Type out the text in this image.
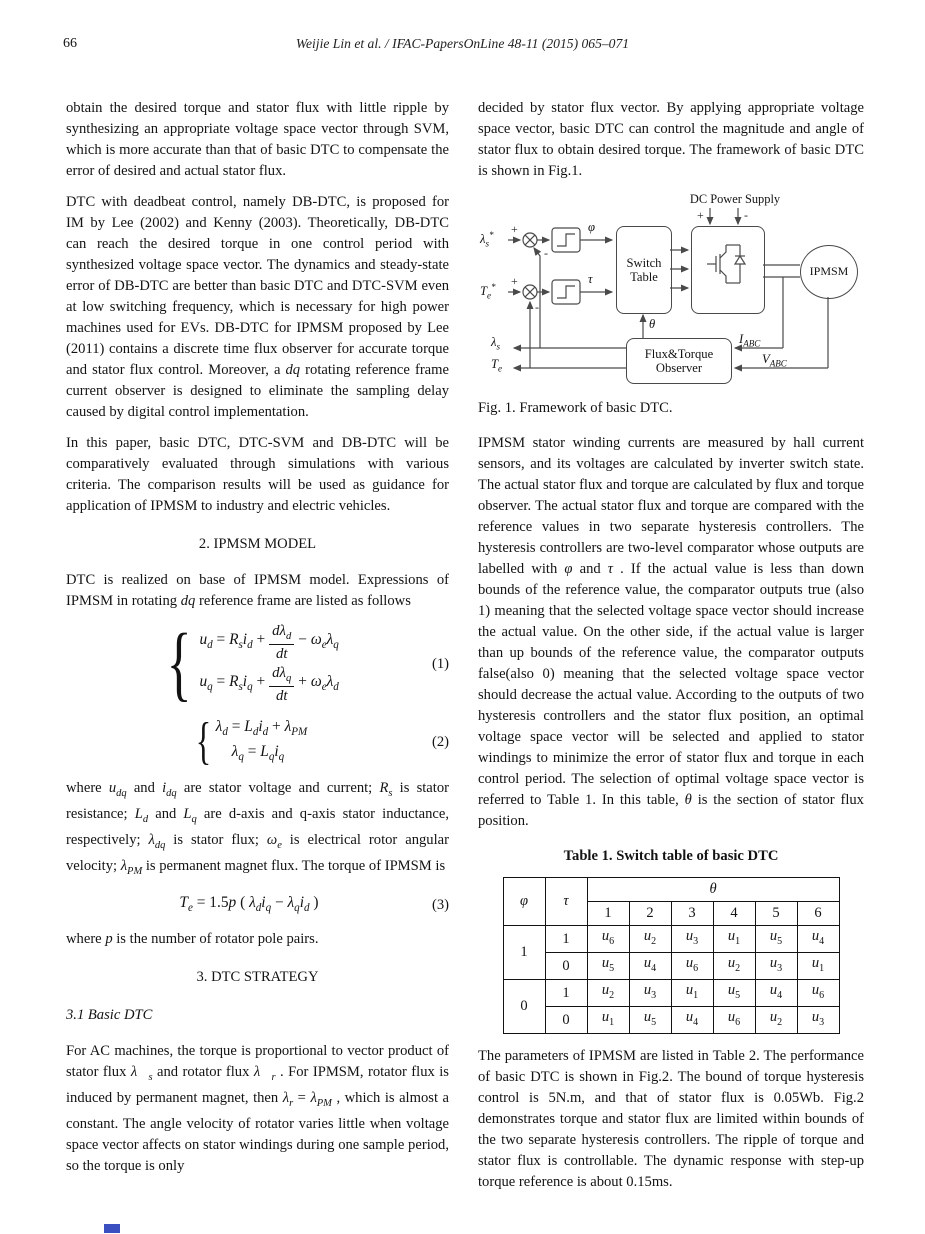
66	Weijie Lin et al. / IFAC-PapersOnLine 48-11 (2015) 065–071

obtain the desired torque and stator flux with little ripple by synthesizing an appropriate voltage space vector through SVM, which is more accurate than that of basic DTC to compensate the error of desired and actual stator flux.

DTC with deadbeat control, namely DB-DTC, is proposed for IM by Lee (2002) and Kenny (2003). Theoretically, DB-DTC can reach the desired torque in one control period with synthesized voltage space vector. The dynamics and steady-state error of DB-DTC are better than basic DTC and DTC-SVM even at low switching frequency, which is necessary for high power machines used for EVs. DB-DTC for IPMSM proposed by Lee (2011) contains a discrete time flux observer for accurate torque and stator flux control. Moreover, a dq rotating reference frame current observer is designed to eliminate the sampling delay caused by digital control implementation.

In this paper, basic DTC, DTC-SVM and DB-DTC will be comparatively evaluated through simulations with various criteria. The comparison results will be used as guidance for application of IPMSM to industry and electric vehicles.

2. IPMSM MODEL

DTC is realized on base of IPMSM model. Expressions of IPMSM in rotating dq reference frame are listed as follows

{ $u_d = R_si_d + \frac{d\lambda_d}{dt} - \omega_e\lambda_q$
$u_q = R_si_q + \frac{d\lambda_q}{dt} + \omega_e\lambda_d$
(1)
{ $\lambda_d = L_di_d + \lambda_{PM}$
$\lambda_q = L_qi_q$
(2)

where $u_{dq}$ and $i_{dq}$ are stator voltage and current; $R_s$ is stator resistance; $L_d$ and $L_q$ are d-axis and q-axis stator inductance, respectively; $\lambda_{dq}$ is stator flux; $\omega_e$ is electrical rotor angular velocity; $\lambda_{PM}$ is permanent magnet flux. The torque of IPMSM is

$T_e = 1.5p$ ( $\lambda_di_q - \lambda_qi_d$ )	(3)

where p is the number of rotator pole pairs.

3. DTC STRATEGY
3.1 Basic DTC

For AC machines, the torque is proportional to vector product of stator flux $\lambda⃗_s$ and rotator flux $\lambda⃗_r$ . For IPMSM, rotator flux is induced by permanent magnet, then $\lambda_r = \lambda_{PM}$ , which is almost a constant. The angle velocity of rotator varies little when voltage space vector affects on stator windings during one sample period, so the torque is only

decided by stator flux vector. By applying appropriate voltage space vector, basic DTC can control the magnitude and angle of stator flux to obtain desired torque. The framework of basic DTC is shown in Fig.1.

+	-
+
-
+
-
Switch
Table
Flux&Torque
Observer
IPMSM
DC Power Supply
$\lambda_s^*$
$T_e^*$
φ
τ
θ
$\lambda_s$
$T_e$
$I_{ABC}$
$V_{ABC}$

Fig. 1. Framework of basic DTC.

IPMSM stator winding currents are measured by hall current sensors, and its voltages are calculated by inverter switch state. The actual stator flux and torque are calculated by flux and torque observer. The actual stator flux and torque are compared with the reference values in two separate hysteresis controllers. The hysteresis controllers are two-level comparator whose outputs are labelled with φ and τ . If the actual value is less than down bounds of the reference value, the comparator outputs true (also 1) meaning that the selected voltage space vector should increase the actual value. On the other side, if the actual value is larger than up bounds of the reference value, the comparator outputs false(also 0) meaning that the selected voltage space vector should decrease the actual value. According to the outputs of two hysteresis controllers and the stator flux position, an optimal voltage space vector will be selected and applied to stator windings to minimize the error of stator flux and torque in each control period. The selection of optimal voltage space vector is referred to Table 1. In this table, θ is the section of stator flux position.

Table 1. Switch table of basic DTC
φ	τ	θ					
		1	2	3	4	5	6
1	1	$u_6$	$u_2$	$u_3$	$u_1$	$u_5$	$u_4$
	0	$u_5$	$u_4$	$u_6$	$u_2$	$u_3$	$u_1$
0	1	$u_2$	$u_3$	$u_1$	$u_5$	$u_4$	$u_6$
	0	$u_1$	$u_5$	$u_4$	$u_6$	$u_2$	$u_3$

The parameters of IPMSM are listed in Table 2. The performance of basic DTC is shown in Fig.2. The bound of torque hysteresis control is 5N.m, and that of stator flux is 0.05Wb. Fig.2 demonstrates torque and stator flux are limited within bounds of the two separate hysteresis controllers. The ripple of torque and stator flux is controllable. The dynamic response with step-up torque reference is about 0.15ms.
